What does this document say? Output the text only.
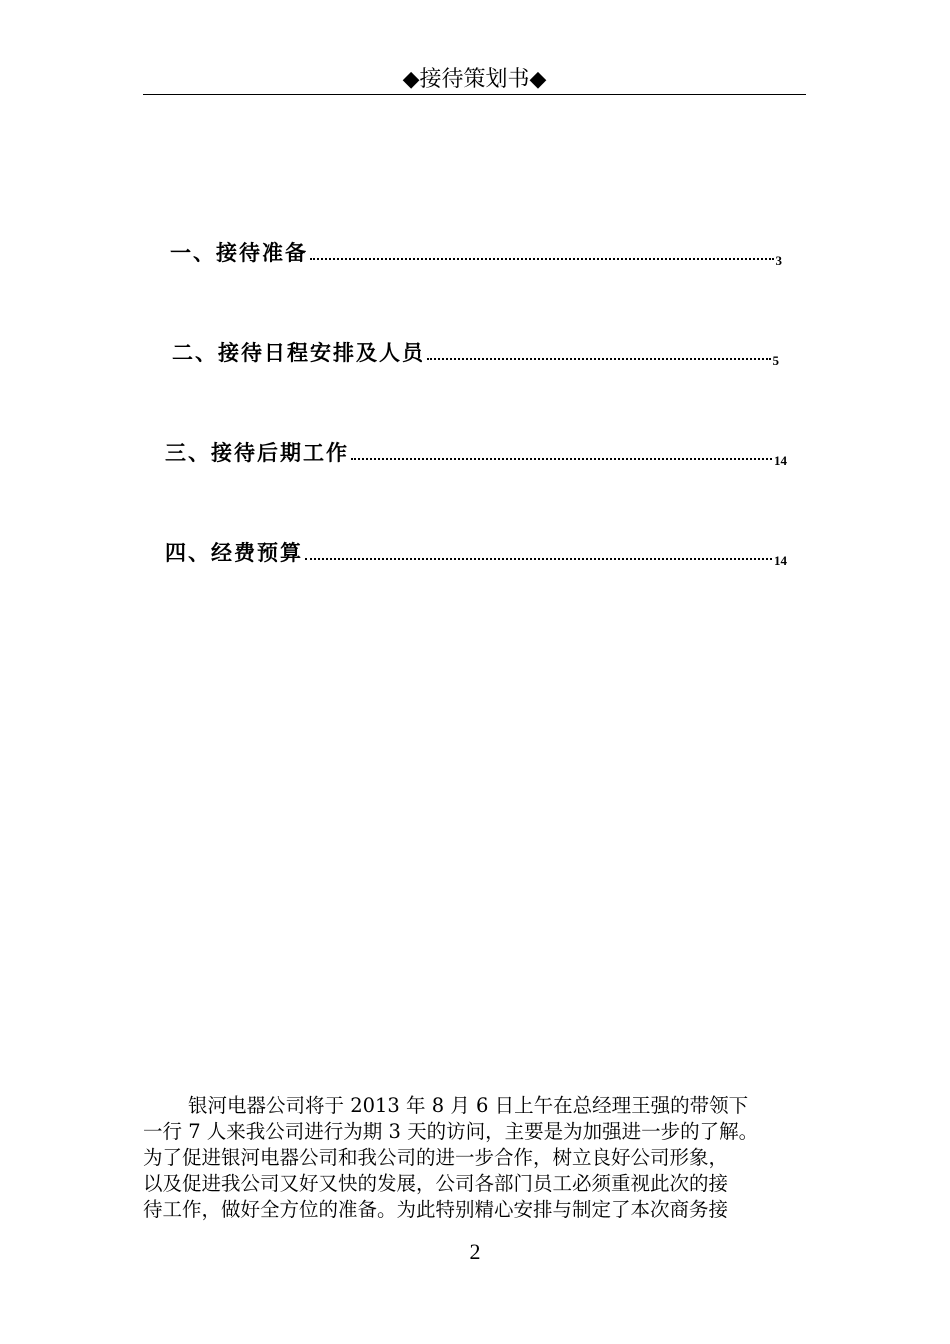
◆接待策划书◆
一、接待准备	3
二、接待日程安排及人员	5
三、接待后期工作	14
四、经费预算	14
银河电器公司将于 2013 年 8 月 6 日上午在总经理王强的带领下
一行 7 人来我公司进行为期 3 天的访问，主要是为加强进一步的了解。
为了促进银河电器公司和我公司的进一步合作，树立良好公司形象，
以及促进我公司又好又快的发展，公司各部门员工必须重视此次的接
待工作，做好全方位的准备。为此特别精心安排与制定了本次商务接
2
